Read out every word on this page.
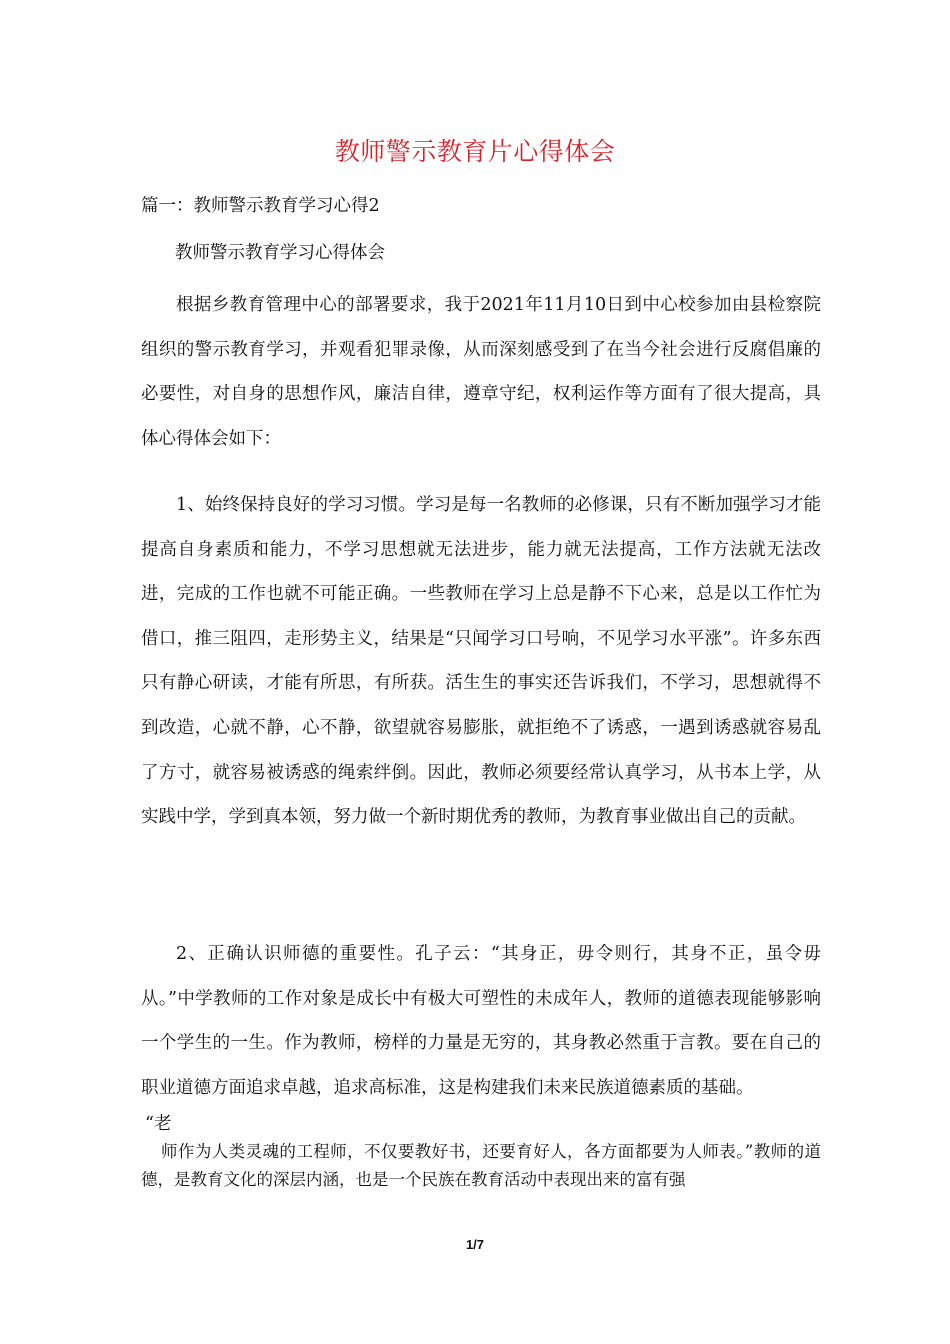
教师警示教育片心得体会
篇一：教师警示教育学习心得2
教师警示教育学习心得体会
根据乡教育管理中心的部署要求，我于2021年11月10日到中心校参加由县检察院组织的警示教育学习，并观看犯罪录像，从而深刻感受到了在当今社会进行反腐倡廉的必要性，对自身的思想作风，廉洁自律，遵章守纪，权利运作等方面有了很大提高，具体心得体会如下：
1、始终保持良好的学习习惯。学习是每一名教师的必修课，只有不断加强学习才能提高自身素质和能力，不学习思想就无法进步，能力就无法提高，工作方法就无法改进，完成的工作也就不可能正确。一些教师在学习上总是静不下心来，总是以工作忙为借口，推三阻四，走形势主义，结果是“只闻学习口号响，不见学习水平涨”。许多东西只有静心研读，才能有所思，有所获。活生生的事实还告诉我们，不学习，思想就得不到改造，心就不静，心不静，欲望就容易膨胀，就拒绝不了诱惑，一遇到诱惑就容易乱了方寸，就容易被诱惑的绳索绊倒。因此，教师必须要经常认真学习，从书本上学，从实践中学，学到真本领，努力做一个新时期优秀的教师，为教育事业做出自己的贡献。
2、正确认识师德的重要性。孔子云：“其身正，毋令则行，其身不正，虽令毋从。”中学教师的工作对象是成长中有极大可塑性的未成年人，教师的道德表现能够影响一个学生的一生。作为教师，榜样的力量是无穷的，其身教必然重于言教。要在自己的职业道德方面追求卓越，追求高标准，这是构建我们未来民族道德素质的基础。
“老
师作为人类灵魂的工程师，不仅要教好书，还要育好人，各方面都要为人师表。”教师的道德，是教育文化的深层内涵，也是一个民族在教育活动中表现出来的富有强
1/7
